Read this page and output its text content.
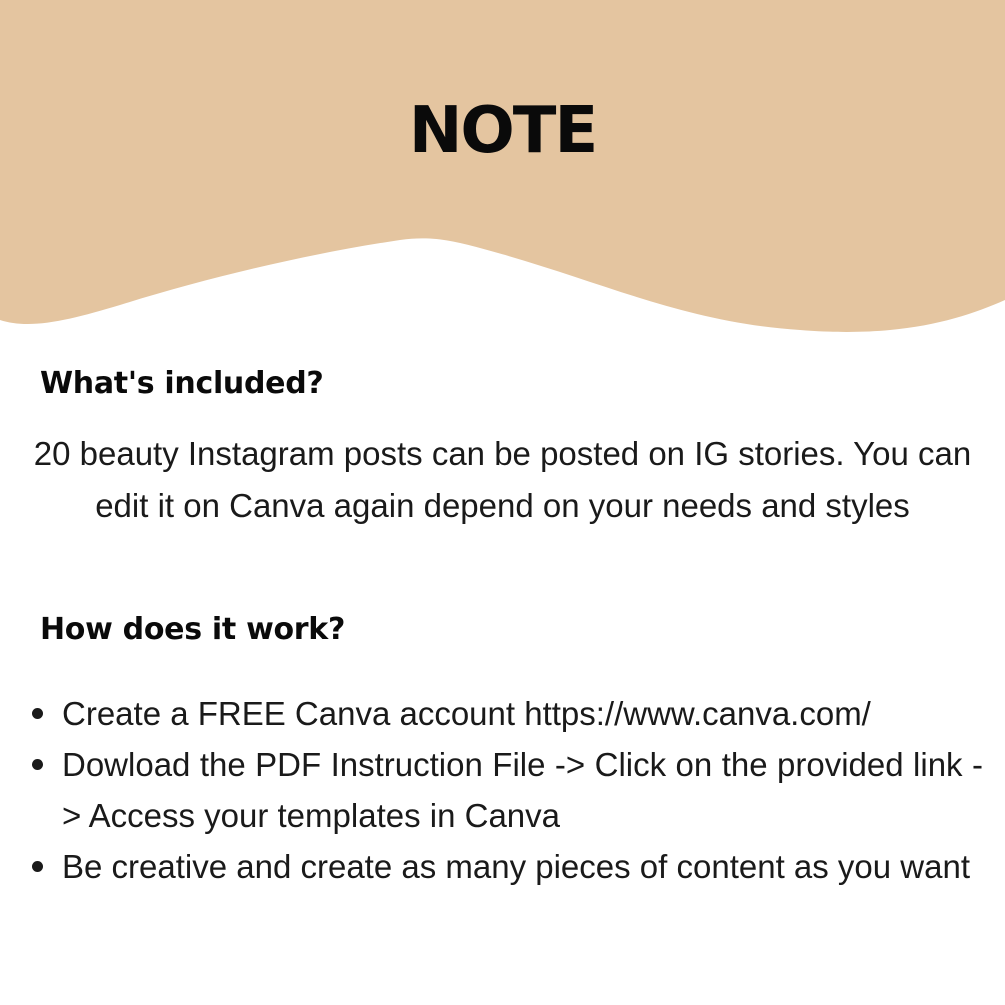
NOTE
What's included?

20 beauty Instagram posts can be posted on IG stories. You can edit it on Canva again depend on your needs and styles

How does it work?
Create a FREE Canva account https://www.canva.com/
Dowload the PDF Instruction File -> Click on the provided link -> Access your templates in Canva
Be creative and create as many pieces of content as you want
